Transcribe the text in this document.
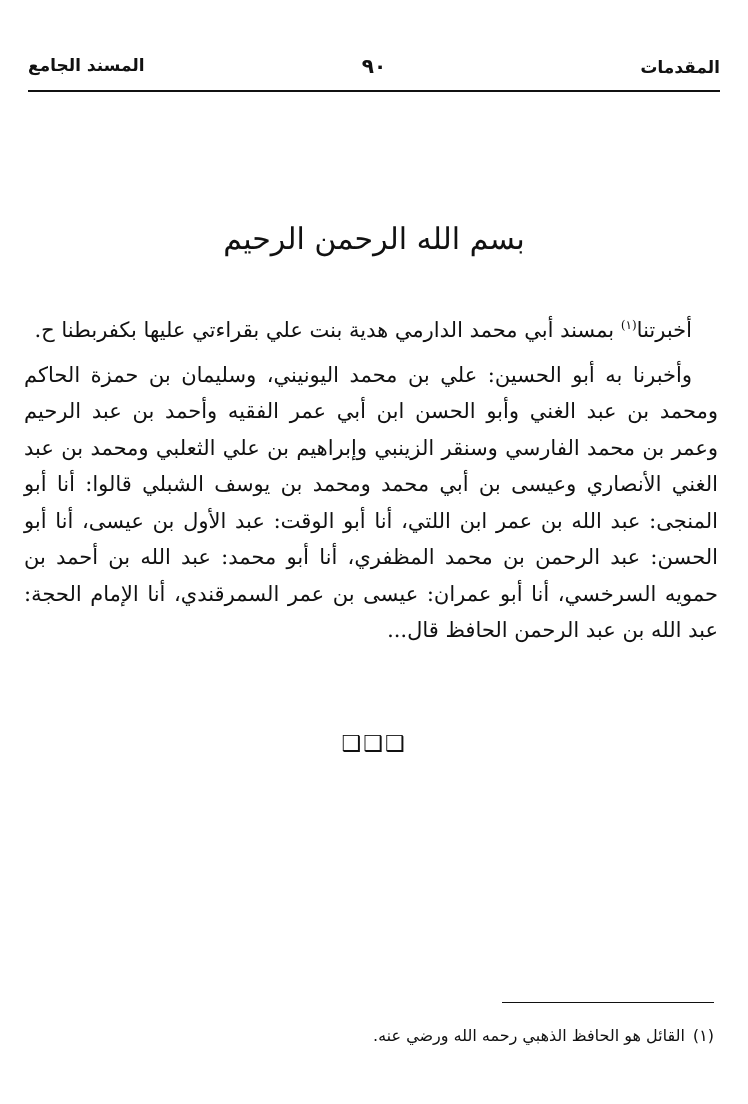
المقدمات
٩٠
المسند الجامع
بسم الله الرحمن الرحيم

أخبرتنا$^{(١)}$ بمسند أبي محمد الدارمي هدية بنت علي بقراءتي عليها بكفربطنا ح.

وأخبرنا به أبو الحسين: علي بن محمد اليونيني، وسليمان بن حمزة الحاكم ومحمد بن عبد الغني وأبو الحسن ابن أبي عمر الفقيه وأحمد بن عبد الرحيم وعمر بن محمد الفارسي وسنقر الزينبي وإبراهيم بن علي الثعلبي ومحمد بن عبد الغني الأنصاري وعيسى بن أبي محمد ومحمد بن يوسف الشبلي قالوا: أنا أبو المنجى: عبد الله بن عمر ابن اللتي، أنا أبو الوقت: عبد الأول بن عيسى، أنا أبو الحسن: عبد الرحمن بن محمد المظفري، أنا أبو محمد: عبد الله بن أحمد بن حمويه السرخسي، أنا أبو عمران: عيسى بن عمر السمرقندي، أنا الإمام الحجة: عبد الله بن عبد الرحمن الحافظ قال...

❑❑❑
(١)القائل هو الحافظ الذهبي رحمه الله ورضي عنه.
